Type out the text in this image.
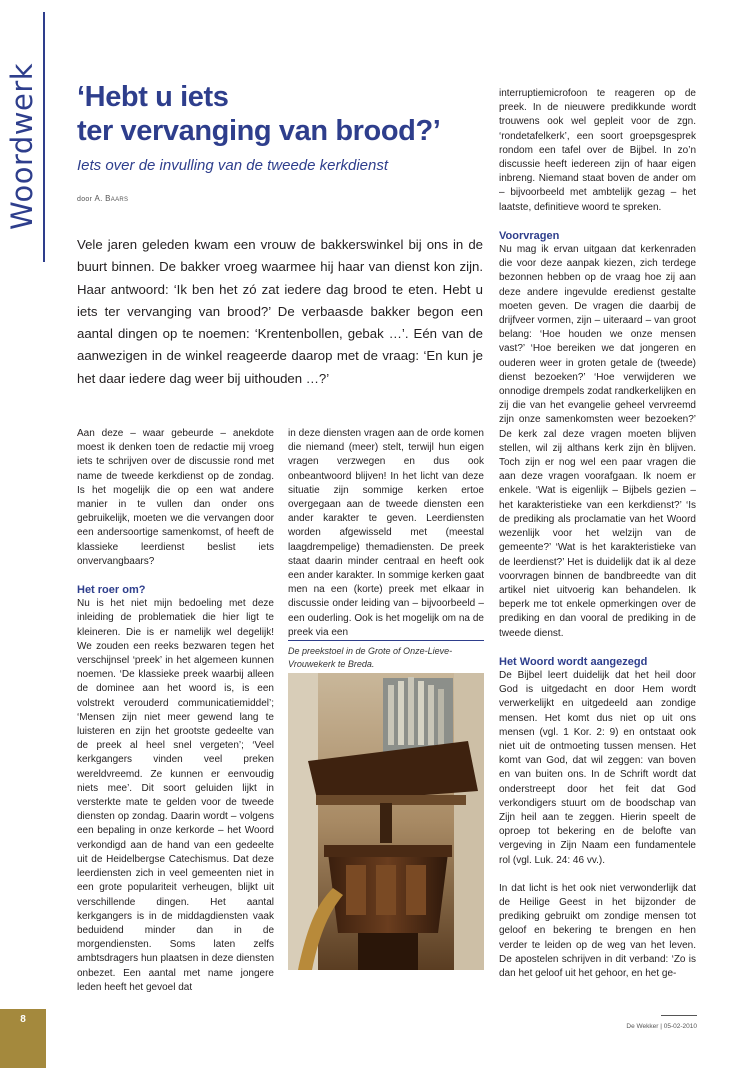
Woordwerk ‘Hebt u iets
ter vervanging van brood?’

Iets over de invulling van de tweede kerkdienst

door A. Baars

Vele jaren geleden kwam een vrouw de bakkerswinkel bij ons in de buurt binnen. De bakker vroeg waarmee hij haar van dienst kon zijn. Haar antwoord: ‘Ik ben het zó zat iedere dag brood te eten. Hebt u iets ter vervanging van brood?’ De verbaasde bakker begon een aantal dingen op te noemen: ‘Krentenbollen, gebak …’. Eén van de aanwezigen in de winkel reageerde daarop met de vraag: ‘En kun je het daar iedere dag weer bij uithouden …?’

Aan deze – waar gebeurde – anekdote moest ik denken toen de redactie mij vroeg iets te schrijven over de discussie rond met name de tweede kerkdienst op de zondag. Is het mogelijk die op een wat andere manier in te vullen dan onder ons gebruikelijk, moeten we die vervangen door een andersoortige samenkomst, of heeft de klassieke leerdienst beslist iets onvervangbaars?

Het roer om?

Nu is het niet mijn bedoeling met deze inleiding de problematiek die hier ligt te kleineren. Die is er namelijk wel degelijk! We zouden een reeks bezwaren tegen het verschijnsel ‘preek’ in het algemeen kunnen noemen. ‘De klassieke preek waarbij alleen de dominee aan het woord is, is een volstrekt verouderd communicatiemiddel’; ‘Mensen zijn niet meer gewend lang te luisteren en zijn het grootste gedeelte van de preek al heel snel vergeten’; ‘Veel kerkgangers vinden veel preken wereldvreemd. Ze kunnen er eenvoudig niets mee’. Dit soort geluiden lijkt in versterkte mate te gelden voor de tweede diensten op zondag. Daarin wordt – volgens een bepaling in onze kerkorde – het Woord verkondigd aan de hand van een gedeelte uit de Heidelbergse Catechismus. Dat deze leerdiensten zich in veel gemeenten niet in een grote populariteit verheugen, blijkt uit verschillende dingen. Het aantal kerkgangers is in de middagdiensten vaak beduidend minder dan in de morgendiensten. Soms laten zelfs ambtsdragers hun plaatsen in deze diensten onbezet. Een aantal met name jongere leden heeft het gevoel dat

in deze diensten vragen aan de orde komen die niemand (meer) stelt, terwijl hun eigen vragen verzwegen en dus ook onbeantwoord blijven! In het licht van deze situatie zijn sommige kerken ertoe overgegaan aan de tweede diensten een ander karakter te geven. Leerdiensten worden afgewisseld met (meestal laagdrempelige) themadiensten. De preek staat daarin minder centraal en heeft ook een ander karakter. In sommige kerken gaat men na een (korte) preek met elkaar in discussie onder leiding van – bijvoorbeeld – een ouderling. Ook is het mogelijk om na de preek via een

De preekstoel in de Grote of Onze-Lieve-Vrouwekerk te Breda.

interruptiemicrofoon te reageren op de preek. In de nieuwere predikkunde wordt trouwens ook wel gepleit voor de zgn. ‘rondetafelkerk’, een soort groepsgesprek rondom een tafel over de Bijbel. In zo’n discussie heeft iedereen zijn of haar eigen inbreng. Niemand staat boven de ander om – bijvoorbeeld met ambtelijk gezag – het laatste, definitieve woord te spreken.

Voorvragen

Nu mag ik ervan uitgaan dat kerkenraden die voor deze aanpak kiezen, zich terdege bezonnen hebben op de vraag hoe zij aan deze andere ingevulde eredienst gestalte moeten geven. De vragen die daarbij de drijfveer vormen, zijn – uiteraard – van groot belang: ‘Hoe houden we onze mensen vast?’ ‘Hoe bereiken we dat jongeren en ouderen weer in groten getale de (tweede) dienst bezoeken?’ ‘Hoe verwijderen we onnodige drempels zodat randkerkelijken en zij die van het evangelie geheel vervreemd zijn onze samenkomsten weer bezoeken?’ De kerk zal deze vragen moeten blijven stellen, wil zij althans kerk zijn èn blijven. Toch zijn er nog wel een paar vragen die aan deze vragen voorafgaan. Ik noem er enkele. ‘Wat is eigenlijk – Bijbels gezien – het karakteristieke van een kerkdienst?’ ‘Is de prediking als proclamatie van het Woord wezenlijk voor het welzijn van de gemeente?’ ‘Wat is het karakteristieke van de leerdienst?’ Het is duidelijk dat ik al deze voorvragen binnen de bandbreedte van dit artikel niet uitvoerig kan behandelen. Ik beperk me tot enkele opmerkingen over de prediking en dan vooral de prediking in de tweede dienst.

Het Woord wordt aangezegd

De Bijbel leert duidelijk dat het heil door God is uitgedacht en door Hem wordt verwerkelijkt en uitgedeeld aan zondige mensen. Het komt dus niet op uit ons mensen (vgl. 1 Kor. 2: 9) en ontstaat ook niet uit de ontmoeting tussen mensen. Het komt van God, dat wil zeggen: van boven en van buiten ons. In de Schrift wordt dat onderstreept door het feit dat God verkondigers stuurt om de boodschap van Zijn heil aan te zeggen. Hierin speelt de oproep tot bekering en de belofte van vergeving in Zijn Naam een fundamentele rol (vgl. Luk. 24: 46 vv.).

In dat licht is het ook niet verwonderlijk dat de Heilige Geest in het bijzonder de prediking gebruikt om zondige mensen tot geloof en bekering te brengen en hen verder te leiden op de weg van het leven. De apostelen schrijven in dit verband: ‘Zo is dan het geloof uit het gehoor, en het ge-

8
De Wekker | 05-02-2010
